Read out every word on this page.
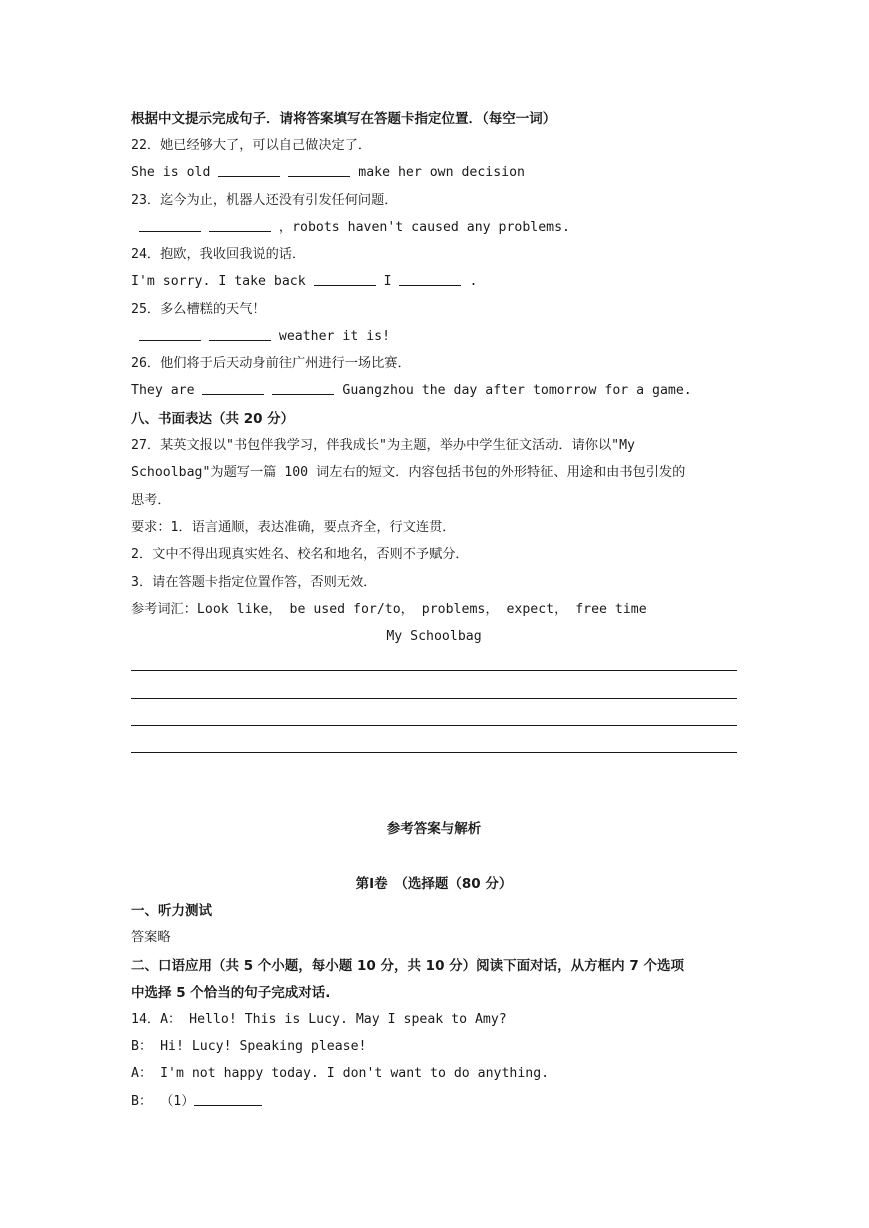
根据中文提示完成句子．请将答案填写在答题卡指定位置．（每空一词）
22．她已经够大了，可以自己做决定了．
She is old	make her own decision
23．迄今为止，机器人还没有引发任何问题．
，robots haven't caused any problems.
24．抱欧，我收回我说的话．
I'm sorry. I take back	I	.
25．多么槽糕的天气！
weather it is!
26．他们将于后天动身前往广州进行一场比赛．
They are	Guangzhou the day after tomorrow for a game.
八、书面表达（共 20 分）
27．某英文报以"书包伴我学习，伴我成长"为主题，举办中学生征文活动．请你以"My
Schoolbag"为题写一篇 100 词左右的短文．内容包括书包的外形特征、用途和由书包引发的
思考．
要求：1．语言通顺，表达准确，要点齐全，行文连贯．
2．文中不得出现真实姓名、校名和地名，否则不予赋分．
3．请在答题卡指定位置作答，否则无效．
参考词汇：Look like， be used for/to， problems， expect， free time
My Schoolbag
参考答案与解析
第Ⅰ卷　（选择题（80 分）
一、听力测试
答案略
二、口语应用（共 5 个小题，每小题 10 分，共 10 分）阅读下面对话，从方框内 7 个选项
中选择 5 个恰当的句子完成对话.
14．A： Hello! This is Lucy. May I speak to Amy?
B： Hi! Lucy! Speaking please!
A： I'm not happy today. I don't want to do anything.
B： （1）
